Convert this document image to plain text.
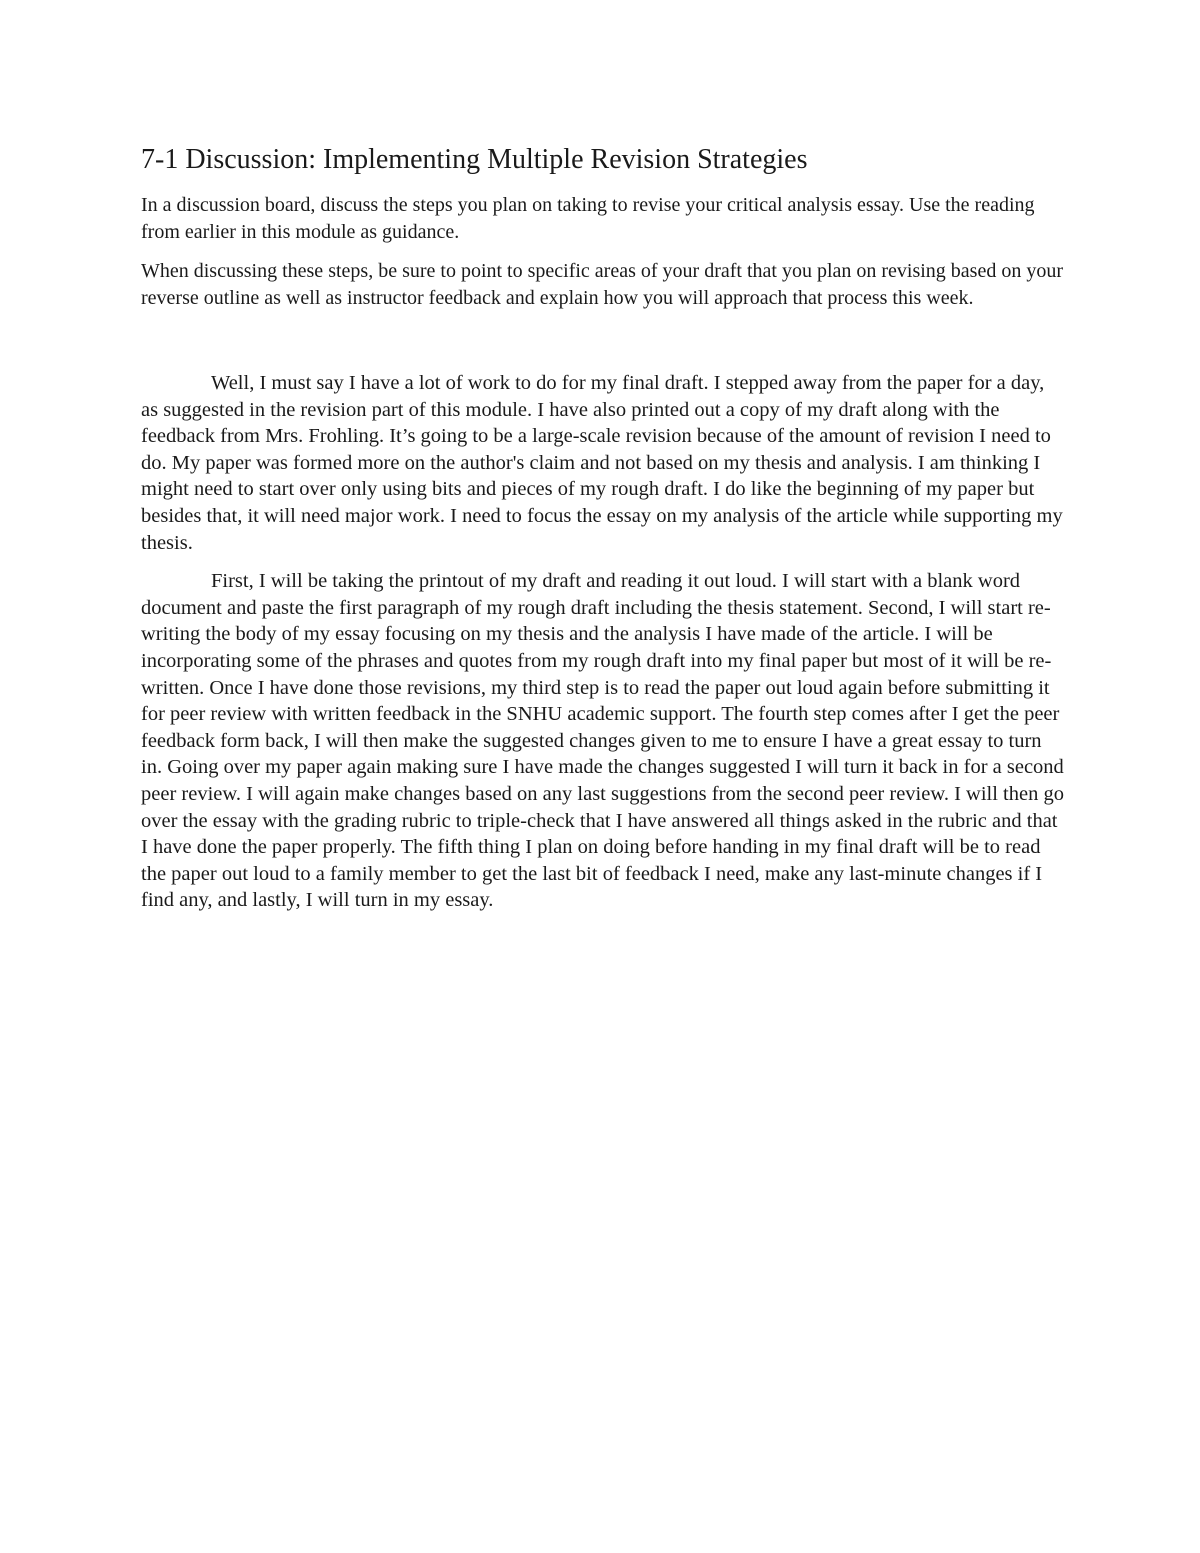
7-1 Discussion: Implementing Multiple Revision Strategies

In a discussion board, discuss the steps you plan on taking to revise your critical analysis essay. Use the reading from earlier in this module as guidance.

When discussing these steps, be sure to point to specific areas of your draft that you plan on revising based on your reverse outline as well as instructor feedback and explain how you will approach that process this week.

Well, I must say I have a lot of work to do for my final draft. I stepped away from the paper for a day, as suggested in the revision part of this module. I have also printed out a copy of my draft along with the feedback from Mrs. Frohling. It’s going to be a large-scale revision because of the amount of revision I need to do. My paper was formed more on the author's claim and not based on my thesis and analysis. I am thinking I might need to start over only using bits and pieces of my rough draft. I do like the beginning of my paper but besides that, it will need major work. I need to focus the essay on my analysis of the article while supporting my thesis.

First, I will be taking the printout of my draft and reading it out loud. I will start with a blank word document and paste the first paragraph of my rough draft including the thesis statement. Second, I will start re-writing the body of my essay focusing on my thesis and the analysis I have made of the article. I will be incorporating some of the phrases and quotes from my rough draft into my final paper but most of it will be re-written. Once I have done those revisions, my third step is to read the paper out loud again before submitting it for peer review with written feedback in the SNHU academic support. The fourth step comes after I get the peer feedback form back, I will then make the suggested changes given to me to ensure I have a great essay to turn in. Going over my paper again making sure I have made the changes suggested I will turn it back in for a second peer review. I will again make changes based on any last suggestions from the second peer review. I will then go over the essay with the grading rubric to triple-check that I have answered all things asked in the rubric and that I have done the paper properly. The fifth thing I plan on doing before handing in my final draft will be to read the paper out loud to a family member to get the last bit of feedback I need, make any last-minute changes if I find any, and lastly, I will turn in my essay.
